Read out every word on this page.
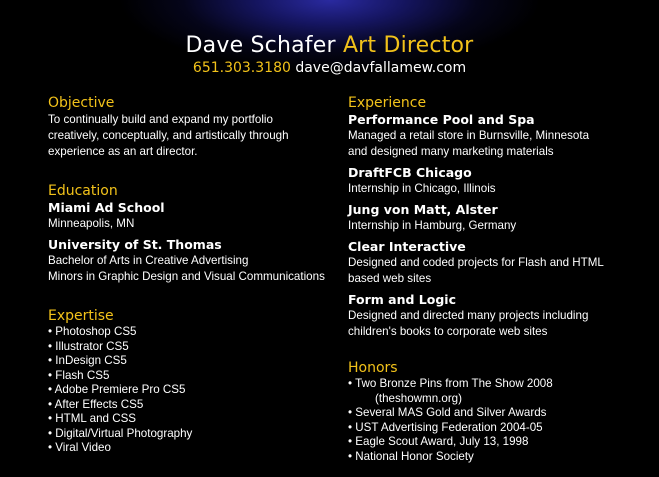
Dave Schafer Art Director
651.303.3180 dave@davfallamew.com
Objective
To continually build and expand my portfolio
creatively, conceptually, and artistically through
experience as an art director.
Education
Miami Ad School
Minneapolis, MN
University of St. Thomas
Bachelor of Arts in Creative Advertising
Minors in Graphic Design and Visual Communications
Expertise
• Photoshop CS5
• Illustrator CS5
• InDesign CS5
• Flash CS5
• Adobe Premiere Pro CS5
• After Effects CS5
• HTML and CSS
• Digital/Virtual Photography
• Viral Video
Experience
Performance Pool and Spa
Managed a retail store in Burnsville, Minnesota
and designed many marketing materials
DraftFCB Chicago
Internship in Chicago, Illinois
Jung von Matt, Alster
Internship in Hamburg, Germany
Clear Interactive
Designed and coded projects for Flash and HTML
based web sites
Form and Logic
Designed and directed many projects including
children's books to corporate web sites
Honors
• Two Bronze Pins from The Show 2008
(theshowmn.org)
• Several MAS Gold and Silver Awards
• UST Advertising Federation 2004-05
• Eagle Scout Award, July 13, 1998
• National Honor Society
